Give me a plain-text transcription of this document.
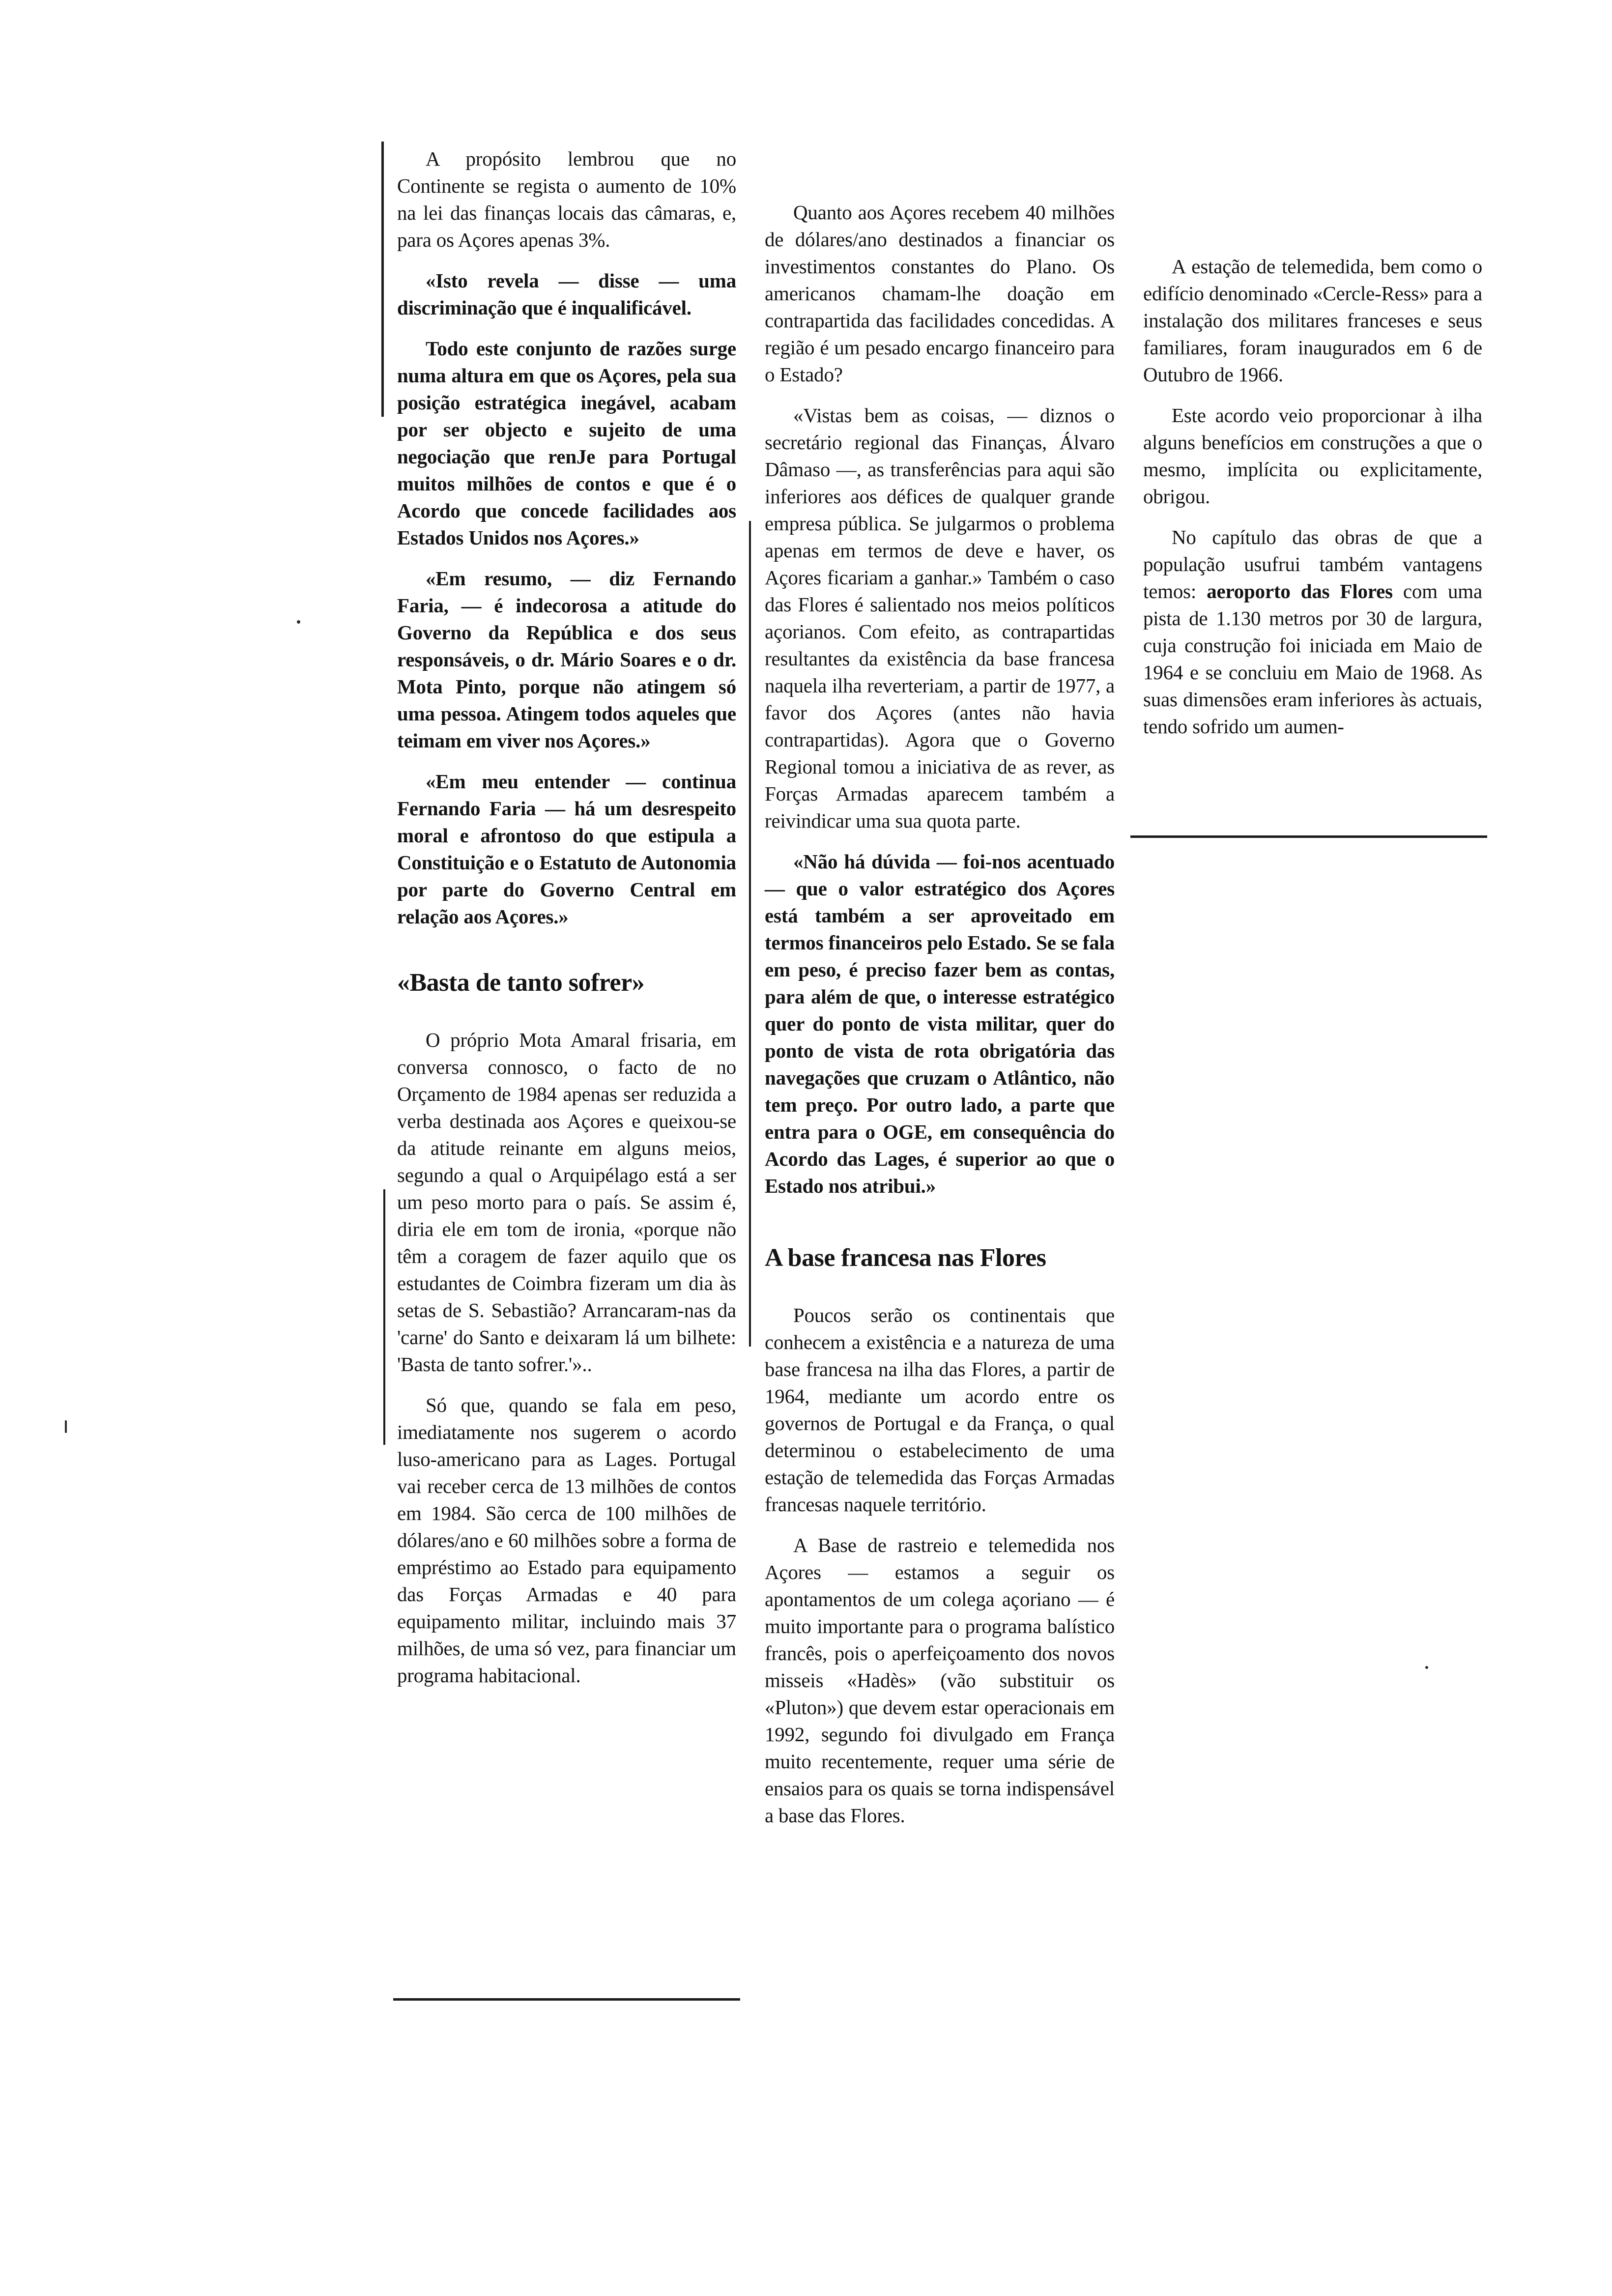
A propósito lembrou que no Continente se regista o aumento de 10% na lei das finanças locais das câmaras, e, para os Açores apenas 3%.

«Isto revela — disse — uma discriminação que é inqualificável.

Todo este conjunto de razões surge numa altura em que os Açores, pela sua posição estratégica inegável, acabam por ser objecto e sujeito de uma negociação que renJe para Portugal muitos milhões de contos e que é o Acordo que concede facilidades aos Estados Unidos nos Açores.»

«Em resumo, — diz Fernando Faria, — é indecorosa a atitude do Governo da República e dos seus responsáveis, o dr. Mário Soares e o dr. Mota Pinto, porque não atingem só uma pessoa. Atingem todos aqueles que teimam em viver nos Açores.»

«Em meu entender — continua Fernando Faria — há um desrespeito moral e afrontoso do que estipula a Constituição e o Estatuto de Autonomia por parte do Governo Central em relação aos Açores.»

«Basta de tanto sofrer»

O próprio Mota Amaral frisaria, em conversa connosco, o facto de no Orçamento de 1984 apenas ser reduzida a verba destinada aos Açores e queixou-se da atitude reinante em alguns meios, segundo a qual o Arquipélago está a ser um peso morto para o país. Se assim é, diria ele em tom de ironia, «porque não têm a coragem de fazer aquilo que os estudantes de Coimbra fizeram um dia às setas de S. Sebastião? Arrancaram-nas da 'carne' do Santo e deixaram lá um bilhete: 'Basta de tanto sofrer.'»..

Só que, quando se fala em peso, imediatamente nos sugerem o acordo luso-americano para as Lages. Portugal vai receber cerca de 13 milhões de contos em 1984. São cerca de 100 milhões de dólares/ano e 60 milhões sobre a forma de empréstimo ao Estado para equipamento das Forças Armadas e 40 para equipamento militar, incluindo mais 37 milhões, de uma só vez, para financiar um programa habitacional.

Quanto aos Açores recebem 40 milhões de dólares/ano destinados a financiar os investimentos constantes do Plano. Os americanos chamam-lhe doação em contrapartida das facilidades concedidas. A região é um pesado encargo financeiro para o Estado?

«Vistas bem as coisas, — diznos o secretário regional das Finanças, Álvaro Dâmaso —, as transferências para aqui são inferiores aos défices de qualquer grande empresa pública. Se julgarmos o problema apenas em termos de deve e haver, os Açores ficariam a ganhar.» Também o caso das Flores é salientado nos meios políticos açorianos. Com efeito, as contrapartidas resultantes da existência da base francesa naquela ilha reverteriam, a partir de 1977, a favor dos Açores (antes não havia contrapartidas). Agora que o Governo Regional tomou a iniciativa de as rever, as Forças Armadas aparecem também a reivindicar uma sua quota parte.

«Não há dúvida — foi-nos acentuado — que o valor estratégico dos Açores está também a ser aproveitado em termos financeiros pelo Estado. Se se fala em peso, é preciso fazer bem as contas, para além de que, o interesse estratégico quer do ponto de vista militar, quer do ponto de vista de rota obrigatória das navegações que cruzam o Atlântico, não tem preço. Por outro lado, a parte que entra para o OGE, em consequência do Acordo das Lages, é superior ao que o Estado nos atribui.»

A base francesa nas Flores

Poucos serão os continentais que conhecem a existência e a natureza de uma base francesa na ilha das Flores, a partir de 1964, mediante um acordo entre os governos de Portugal e da França, o qual determinou o estabelecimento de uma estação de telemedida das Forças Armadas francesas naquele território.

A Base de rastreio e telemedida nos Açores — estamos a seguir os apontamentos de um colega açoriano — é muito importante para o programa balístico francês, pois o aperfeiçoamento dos novos misseis «Hadès» (vão substituir os «Pluton») que devem estar operacionais em 1992, segundo foi divulgado em França muito recentemente, requer uma série de ensaios para os quais se torna indispensável a base das Flores.

A estação de telemedida, bem como o edifício denominado «Cercle-Ress» para a instalação dos militares franceses e seus familiares, foram inaugurados em 6 de Outubro de 1966.

Este acordo veio proporcionar à ilha alguns benefícios em construções a que o mesmo, implícita ou explicitamente, obrigou.

No capítulo das obras de que a população usufrui também vantagens temos: aeroporto das Flores com uma pista de 1.130 metros por 30 de largura, cuja construção foi iniciada em Maio de 1964 e se concluiu em Maio de 1968. As suas dimensões eram inferiores às actuais, tendo sofrido um aumen-
